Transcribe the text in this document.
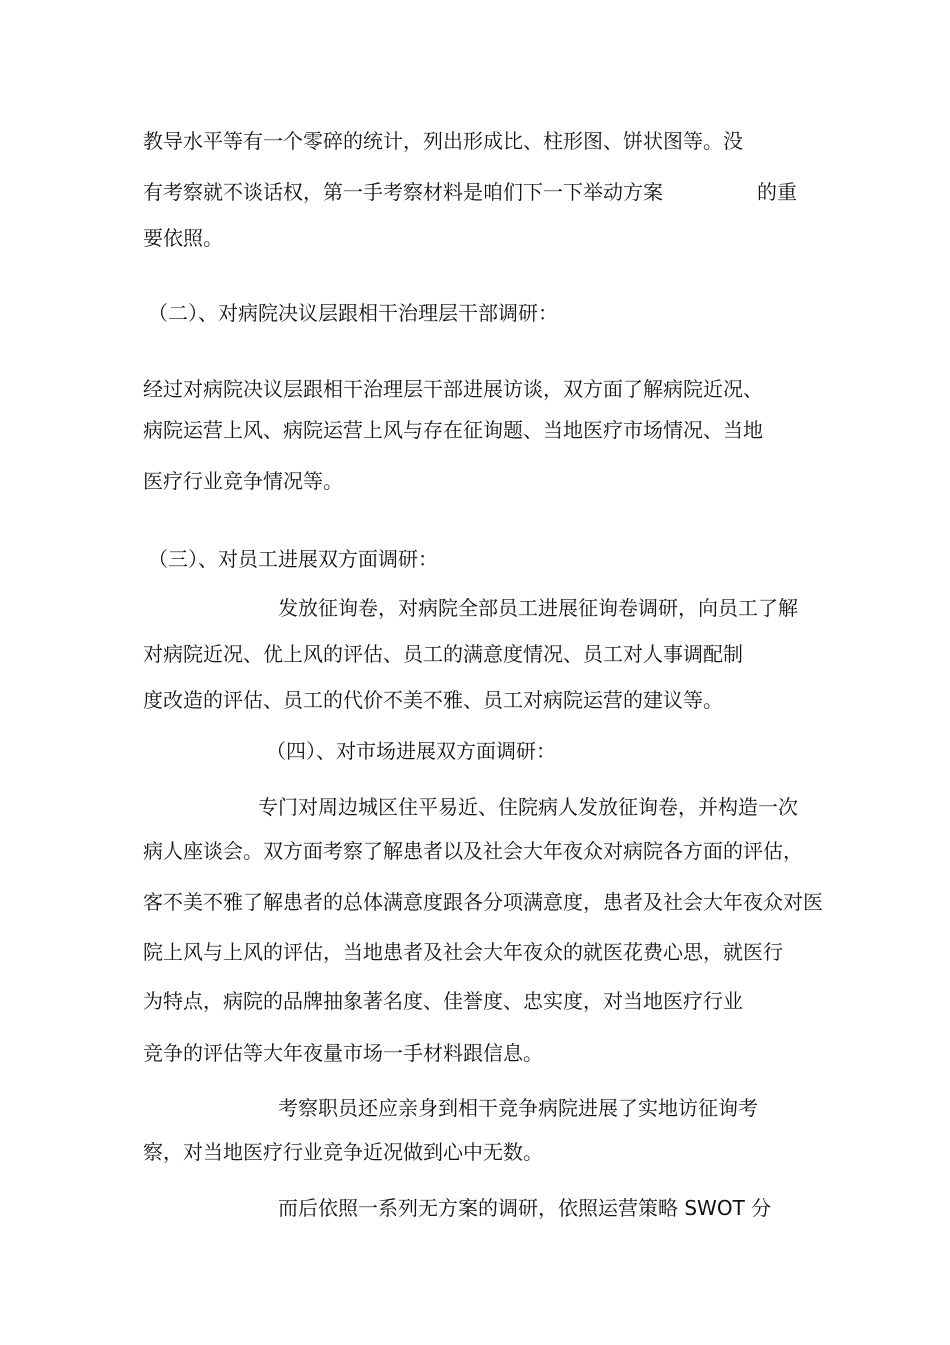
教导水平等有一个零碎的统计，列出形成比、柱形图、饼状图等。没
有考察就不谈话权，第一手考察材料是咱们下一下举动方案	的重
要依照。
（二）、对病院决议层跟相干治理层干部调研：
经过对病院决议层跟相干治理层干部进展访谈，双方面了解病院近况、
病院运营上风、病院运营上风与存在征询题、当地医疗市场情况、当地
医疗行业竞争情况等。
（三）、对员工进展双方面调研：
发放征询卷，对病院全部员工进展征询卷调研，向员工了解
对病院近况、优上风的评估、员工的满意度情况、员工对人事调配制
度改造的评估、员工的代价不美不雅、员工对病院运营的建议等。
（四）、对市场进展双方面调研：
专门对周边城区住平易近、住院病人发放征询卷，并构造一次
病人座谈会。双方面考察了解患者以及社会大年夜众对病院各方面的评估，
客不美不雅了解患者的总体满意度跟各分项满意度，患者及社会大年夜众对医
院上风与上风的评估，当地患者及社会大年夜众的就医花费心思，就医行
为特点，病院的品牌抽象著名度、佳誉度、忠实度，对当地医疗行业
竞争的评估等大年夜量市场一手材料跟信息。
考察职员还应亲身到相干竞争病院进展了实地访征询考
察，对当地医疗行业竞争近况做到心中无数。
而后依照一系列无方案的调研，依照运营策略 SWOT 分
